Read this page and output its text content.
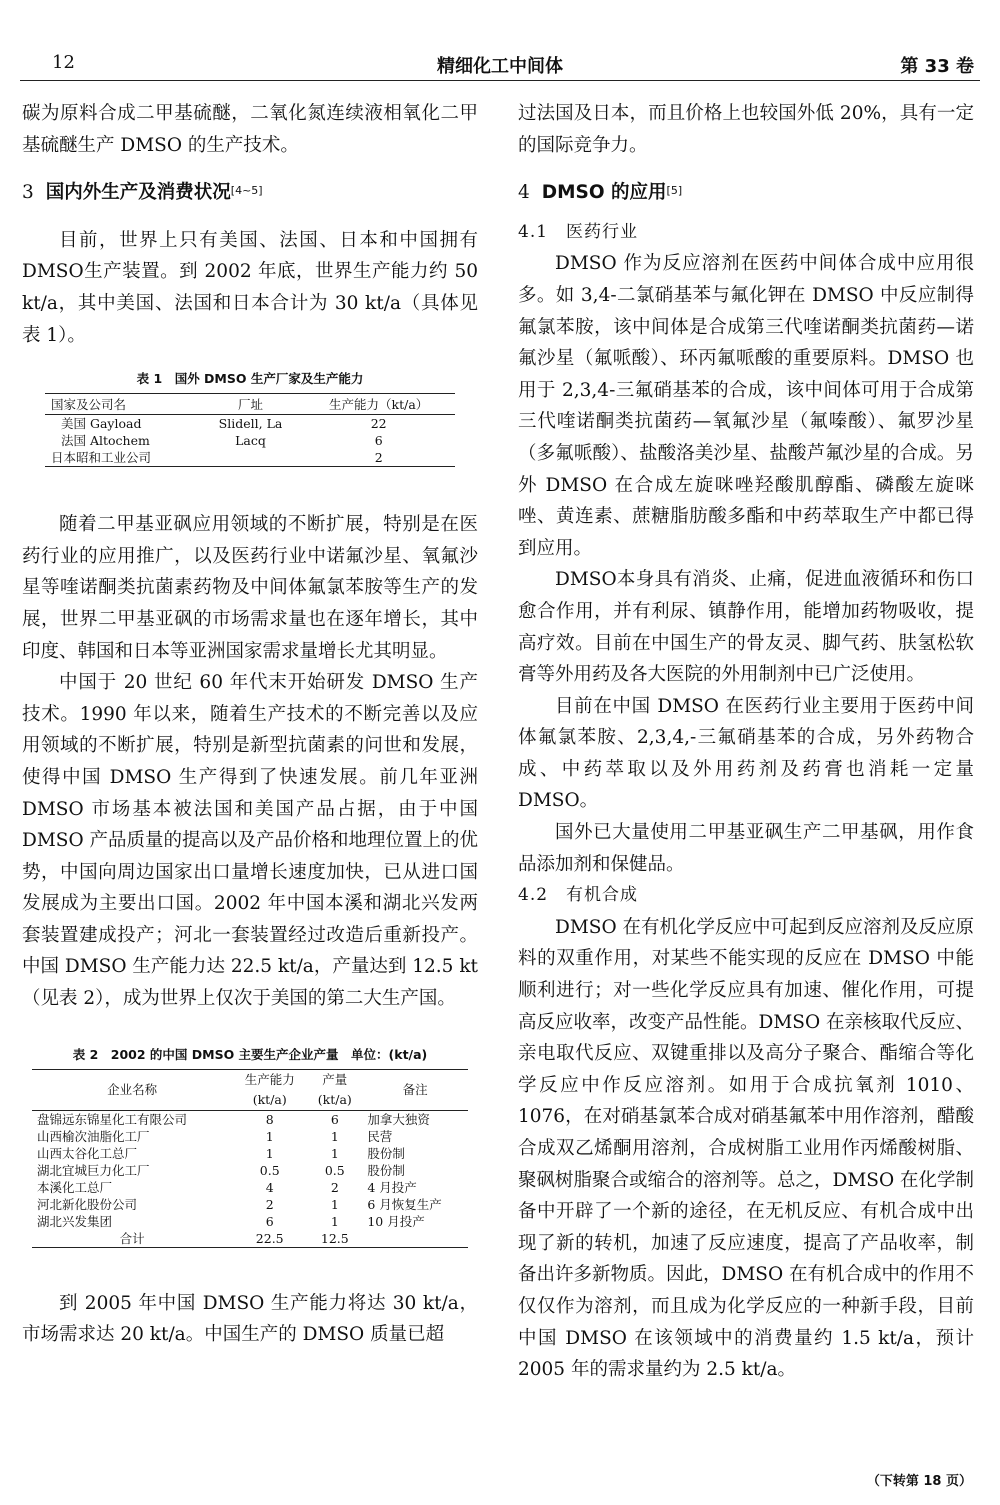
12	精细化工中间体	第 33 卷

碳为原料合成二甲基硫醚，二氧化氮连续液相氧化二甲基硫醚生产 DMSO 的生产技术。

3 国内外生产及消费状况[4~5]

目前，世界上只有美国、法国、日本和中国拥有 DMSO生产装置。到 2002 年底，世界生产能力约 50 kt/a，其中美国、法国和日本合计为 30 kt/a（具体见表 1）。

表 1　国外 DMSO 生产厂家及生产能力
国家及公司名	厂址	生产能力（kt/a）
美国 Gayload	Slidell, La	22
法国 Altochem	Lacq	6
日本昭和工业公司		2

随着二甲基亚砜应用领域的不断扩展，特别是在医药行业的应用推广，以及医药行业中诺氟沙星、氧氟沙星等喹诺酮类抗菌素药物及中间体氟氯苯胺等生产的发展，世界二甲基亚砜的市场需求量也在逐年增长，其中印度、韩国和日本等亚洲国家需求量增长尤其明显。

中国于 20 世纪 60 年代末开始研发 DMSO 生产技术。1990 年以来，随着生产技术的不断完善以及应用领域的不断扩展，特别是新型抗菌素的问世和发展，使得中国 DMSO 生产得到了快速发展。前几年亚洲 DMSO 市场基本被法国和美国产品占据，由于中国 DMSO 产品质量的提高以及产品价格和地理位置上的优势，中国向周边国家出口量增长速度加快，已从进口国发展成为主要出口国。2002 年中国本溪和湖北兴发两套装置建成投产；河北一套装置经过改造后重新投产。中国 DMSO 生产能力达 22.5 kt/a，产量达到 12.5 kt（见表 2），成为世界上仅次于美国的第二大生产国。

表 2　2002 的中国 DMSO 主要生产企业产量　单位：(kt/a)
企业名称	生产能力	产量	备注
	(kt/a)	(kt/a)	
盘锦远东锦星化工有限公司	8	6	加拿大独资
山西榆次油脂化工厂	1	1	民营
山西太谷化工总厂	1	1	股份制
湖北宜城巨力化工厂	0.5	0.5	股份制
本溪化工总厂	4	2	4 月投产
河北新化股份公司	2	1	6 月恢复生产
湖北兴发集团	6	1	10 月投产
合计	22.5	12.5	

到 2005 年中国 DMSO 生产能力将达 30 kt/a，市场需求达 20 kt/a。中国生产的 DMSO 质量已超

过法国及日本，而且价格上也较国外低 20%，具有一定的国际竞争力。

4 DMSO 的应用[5]
4.1　医药行业

DMSO 作为反应溶剂在医药中间体合成中应用很多。如 3,4-二氯硝基苯与氟化钾在 DMSO 中反应制得氟氯苯胺，该中间体是合成第三代喹诺酮类抗菌药—诺氟沙星（氟哌酸）、环丙氟哌酸的重要原料。DMSO 也用于 2,3,4-三氟硝基苯的合成，该中间体可用于合成第三代喹诺酮类抗菌药—氧氟沙星（氟嗪酸）、氟罗沙星（多氟哌酸）、盐酸洛美沙星、盐酸芦氟沙星的合成。另外 DMSO 在合成左旋咪唑羟酸肌醇酯、磷酸左旋咪唑、黄连素、蔗糖脂肪酸多酯和中药萃取生产中都已得到应用。

DMSO本身具有消炎、止痛，促进血液循环和伤口愈合作用，并有利尿、镇静作用，能增加药物吸收，提高疗效。目前在中国生产的骨友灵、脚气药、肤氢松软膏等外用药及各大医院的外用制剂中已广泛使用。

目前在中国 DMSO 在医药行业主要用于医药中间体氟氯苯胺、2,3,4,-三氟硝基苯的合成，另外药物合成、中药萃取以及外用药剂及药膏也消耗一定量 DMSO。

国外已大量使用二甲基亚砜生产二甲基砜，用作食品添加剂和保健品。

4.2　有机合成

DMSO 在有机化学反应中可起到反应溶剂及反应原料的双重作用，对某些不能实现的反应在 DMSO 中能顺利进行；对一些化学反应具有加速、催化作用，可提高反应收率，改变产品性能。DMSO 在亲核取代反应、亲电取代反应、双键重排以及高分子聚合、酯缩合等化学反应中作反应溶剂。如用于合成抗氧剂 1010、1076，在对硝基氯苯合成对硝基氟苯中用作溶剂，醋酸合成双乙烯酮用溶剂，合成树脂工业用作丙烯酸树脂、聚砜树脂聚合或缩合的溶剂等。总之，DMSO 在化学制备中开辟了一个新的途径，在无机反应、有机合成中出现了新的转机，加速了反应速度，提高了产品收率，制备出许多新物质。因此，DMSO 在有机合成中的作用不仅仅作为溶剂，而且成为化学反应的一种新手段，目前中国 DMSO 在该领域中的消费量约 1.5 kt/a，预计 2005 年的需求量约为 2.5 kt/a。

（下转第 18 页）
